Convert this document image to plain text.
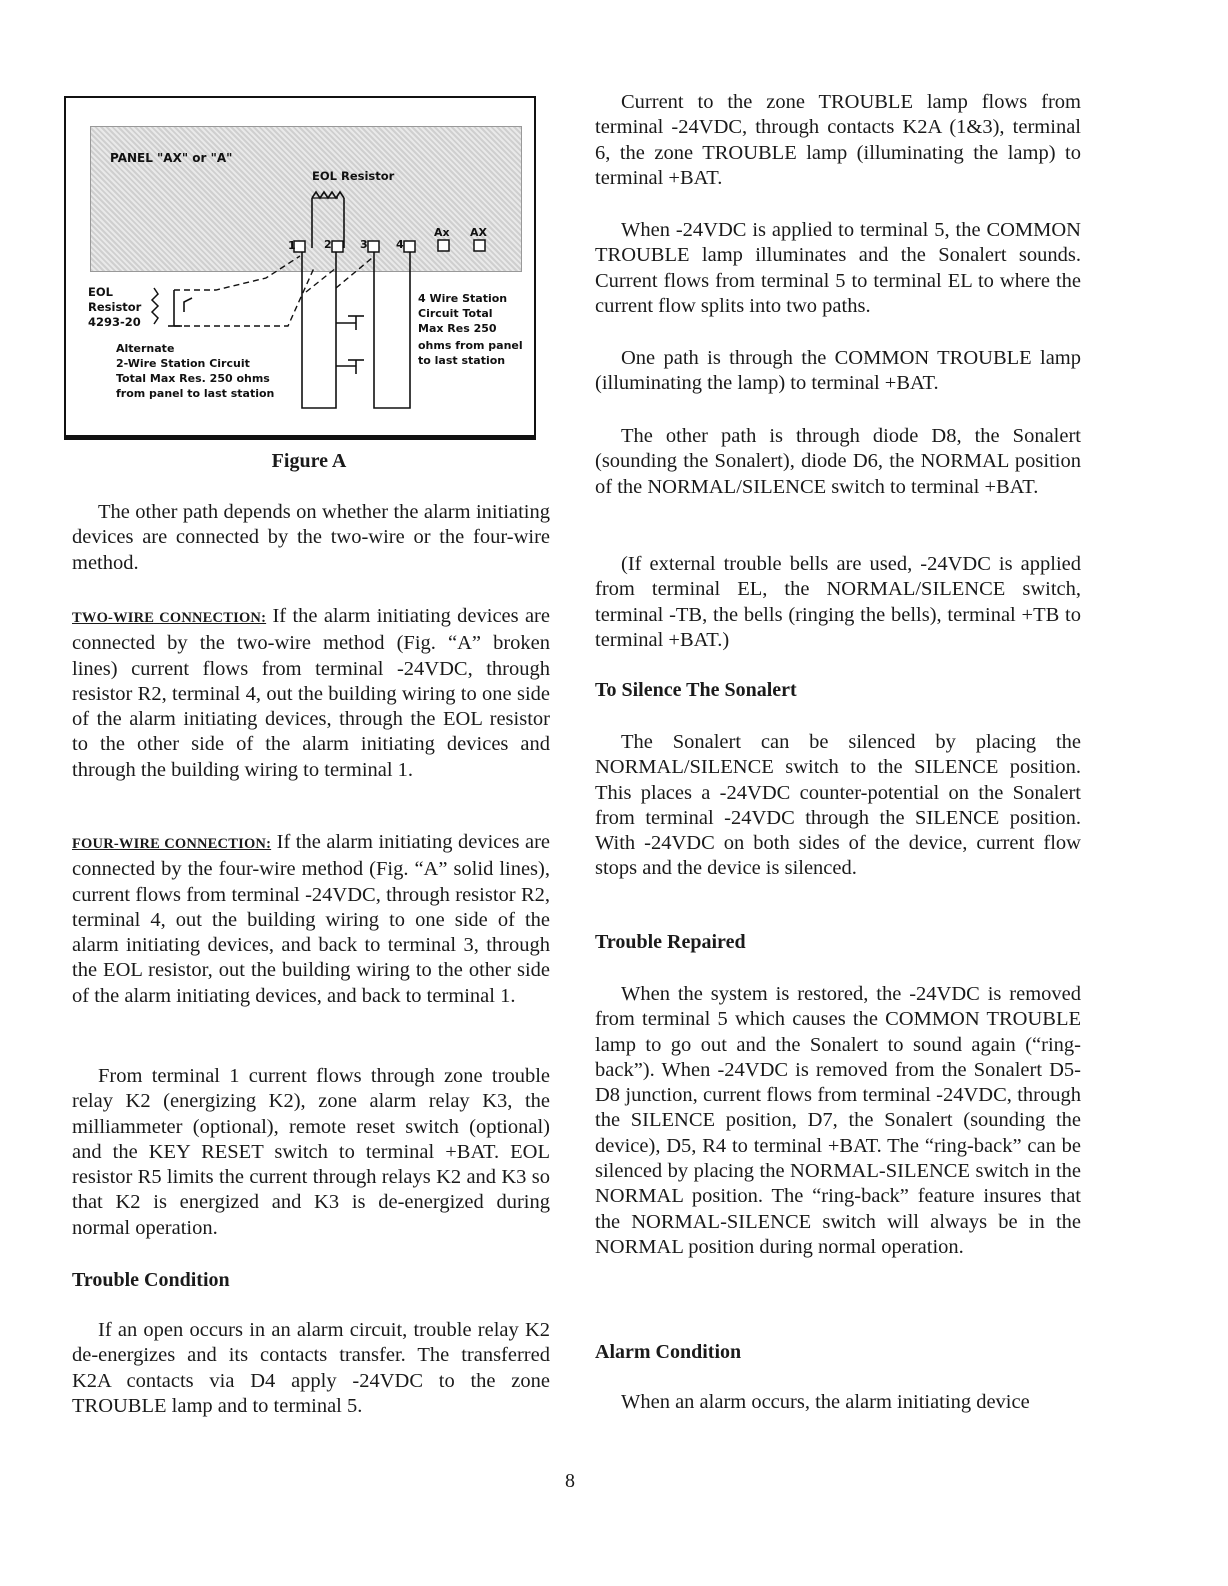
PANEL "AX" or "A"
EOL Resistor
1	2	3	4
Ax AX
EOL
Resistor
4293-20
Alternate
2-Wire Station Circuit
Total Max Res. 250 ohms
from panel to last station
4 Wire Station
Circuit Total
Max Res 250
ohms from panel
to last station
Figure A

The other path depends on whether the alarm initiating devices are connected by the two-wire or the four-wire method.

TWO-WIRE CONNECTION: If the alarm initiating devices are connected by the two-wire method (Fig. “A” broken lines) current flows from terminal -24VDC, through resistor R2, terminal 4, out the building wiring to one side of the alarm initiating devices, through the EOL resistor to the other side of the alarm initiating devices and through the building wiring to terminal 1.

FOUR-WIRE CONNECTION: If the alarm initiating devices are connected by the four-wire method (Fig. “A” solid lines), current flows from terminal -24VDC, through resistor R2, terminal 4, out the building wiring to one side of the alarm initiating devices, and back to terminal 3, through the EOL resistor, out the building wiring to the other side of the alarm initiating devices, and back to terminal 1.

From terminal 1 current flows through zone trouble relay K2 (energizing K2), zone alarm relay K3, the milliammeter (optional), remote reset switch (optional) and the KEY RESET switch to terminal +BAT. EOL resistor R5 limits the current through relays K2 and K3 so that K2 is energized and K3 is de-energized during normal operation.

Trouble Condition

If an open occurs in an alarm circuit, trouble relay K2 de-energizes and its contacts transfer. The transferred K2A contacts via D4 apply -24VDC to the zone TROUBLE lamp and to terminal 5.

Current to the zone TROUBLE lamp flows from terminal -24VDC, through contacts K2A (1&3), terminal 6, the zone TROUBLE lamp (illuminating the lamp) to terminal +BAT.

When -24VDC is applied to terminal 5, the COMMON TROUBLE lamp illuminates and the Sonalert sounds. Current flows from terminal 5 to terminal EL to where the current flow splits into two paths.

One path is through the COMMON TROUBLE lamp (illuminating the lamp) to terminal +BAT.

The other path is through diode D8, the Sonalert (sounding the Sonalert), diode D6, the NORMAL position of the NORMAL/SILENCE switch to terminal +BAT.

(If external trouble bells are used, -24VDC is applied from terminal EL, the NORMAL/SILENCE switch, terminal -TB, the bells (ringing the bells), terminal +TB to terminal +BAT.)

To Silence The Sonalert

The Sonalert can be silenced by placing the NORMAL/SILENCE switch to the SILENCE position. This places a -24VDC counter-potential on the Sonalert from terminal -24VDC through the SILENCE position. With -24VDC on both sides of the device, current flow stops and the device is silenced.

Trouble Repaired

When the system is restored, the -24VDC is removed from terminal 5 which causes the COMMON TROUBLE lamp to go out and the Sonalert to sound again (“ring-back”). When -24VDC is removed from the Sonalert D5-D8 junction, current flows from terminal -24VDC, through the SILENCE position, D7, the Sonalert (sounding the device), D5, R4 to terminal +BAT. The “ring-back” can be silenced by placing the NORMAL-SILENCE switch in the NORMAL position. The “ring-back” feature insures that the NORMAL-SILENCE switch will always be in the NORMAL position during normal operation.

Alarm Condition

When an alarm occurs, the alarm initiating device

8
